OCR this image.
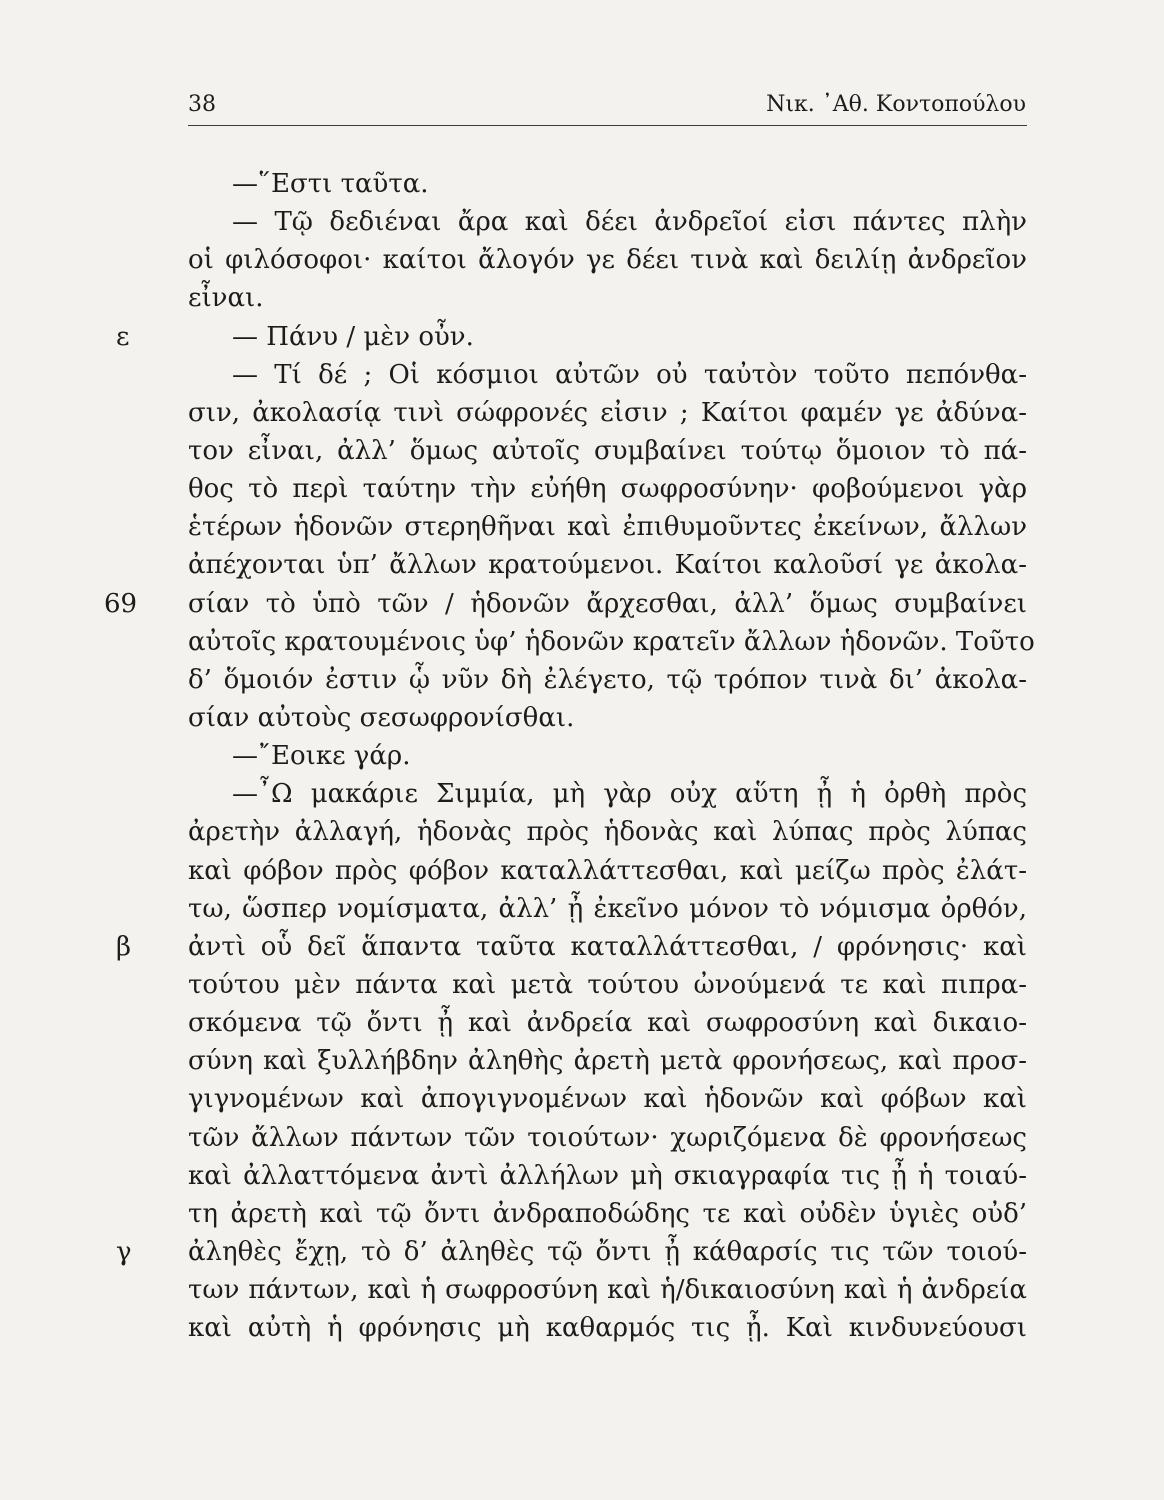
38	Νικ. ᾿Αθ. Κοντοπούλου
—῞Εστι ταῦτα.
— Τῷ δεδιέναι ἄρα καὶ δέει ἀνδρεῖοί εἰσι πάντες πλὴν
οἱ φιλόσοφοι· καίτοι ἄλογόν γε δέει τινὰ καὶ δειλίῃ ἀνδρεῖον
εἶναι.
— Πάνυ / μὲν οὖν.
ε
— Τί δέ ; Οἱ κόσμιοι αὐτῶν οὐ ταὐτὸν τοῦτο πεπόνθα-
σιν, ἀκολασίᾳ τινὶ σώφρονές εἰσιν ; Καίτοι φαμέν γε ἀδύνα-
τον εἶναι, ἀλλ’ ὅμως αὐτοῖς συμβαίνει τούτῳ ὅμοιον τὸ πά-
θος τὸ περὶ ταύτην τὴν εὐήθη σωφροσύνην· φοβούμενοι γὰρ
ἑτέρων ἡδονῶν στερηθῆναι καὶ ἐπιθυμοῦντες ἐκείνων, ἄλλων
ἀπέχονται ὑπ’ ἄλλων κρατούμενοι. Καίτοι καλοῦσί γε ἀκολα-
σίαν τὸ ὑπὸ τῶν / ἡδονῶν ἄρχεσθαι, ἀλλ’ ὅμως συμβαίνει
69
αὐτοῖς κρατουμένοις ὑφ’ ἡδονῶν κρατεῖν ἄλλων ἡδονῶν. Τοῦτο
δ’ ὅμοιόν ἐστιν ᾧ νῦν δὴ ἐλέγετο, τῷ τρόπον τινὰ δι’ ἀκολα-
σίαν αὐτοὺς σεσωφρονίσθαι.
—῎Εοικε γάρ.
—῏Ω μακάριε Σιμμία, μὴ γὰρ οὐχ αὕτη ᾖ ἡ ὀρθὴ πρὸς
ἀρετὴν ἀλλαγή, ἡδονὰς πρὸς ἡδονὰς καὶ λύπας πρὸς λύπας
καὶ φόβον πρὸς φόβον καταλλάττεσθαι, καὶ μείζω πρὸς ἐλάτ-
τω, ὥσπερ νομίσματα, ἀλλ’ ᾖ ἐκεῖνο μόνον τὸ νόμισμα ὀρθόν,
ἀντὶ οὗ δεῖ ἅπαντα ταῦτα καταλλάττεσθαι, / φρόνησις· καὶ
β
τούτου μὲν πάντα καὶ μετὰ τούτου ὠνούμενά τε καὶ πιπρα-
σκόμενα τῷ ὄντι ᾖ καὶ ἀνδρεία καὶ σωφροσύνη καὶ δικαιο-
σύνη καὶ ξυλλήβδην ἀληθὴς ἀρετὴ μετὰ φρονήσεως, καὶ προσ-
γιγνομένων καὶ ἀπογιγνομένων καὶ ἡδονῶν καὶ φόβων καὶ
τῶν ἄλλων πάντων τῶν τοιούτων· χωριζόμενα δὲ φρονήσεως
καὶ ἀλλαττόμενα ἀντὶ ἀλλήλων μὴ σκιαγραφία τις ᾖ ἡ τοιαύ-
τη ἀρετὴ καὶ τῷ ὄντι ἀνδραποδώδης τε καὶ οὐδὲν ὑγιὲς οὐδ’
ἀληθὲς ἔχῃ, τὸ δ’ ἀληθὲς τῷ ὄντι ᾖ κάθαρσίς τις τῶν τοιού-
γ
των πάντων, καὶ ἡ σωφροσύνη καὶ ἡ/δικαιοσύνη καὶ ἡ ἀνδρεία
καὶ αὐτὴ ἡ φρόνησις μὴ καθαρμός τις ᾖ. Καὶ κινδυνεύουσι
